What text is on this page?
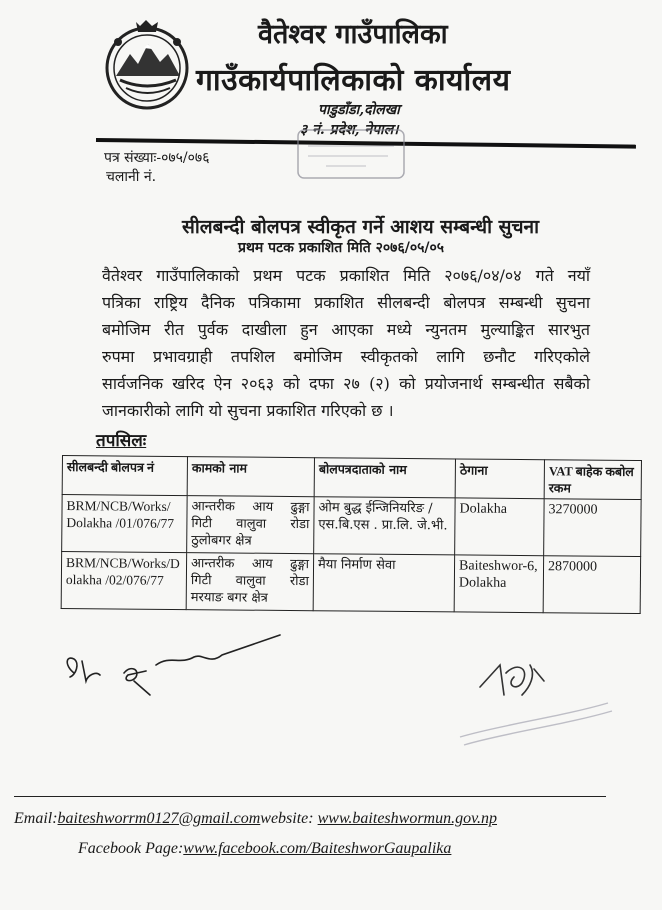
वैतेश्वर गाउँपालिका
गाउँकार्यपालिकाको कार्यालय
पाडुडाँडा,दोलखा
३ नं. प्रदेश, नेपाल।
पत्र संख्याः-०७५/०७६
चलानी नं.
सीलबन्दी बोलपत्र स्वीकृत गर्ने आशय सम्बन्धी सुचना
प्रथम पटक प्रकाशित मिति २०७६/०५/०५
वैतेश्वर गाउँपालिकाको प्रथम पटक प्रकाशित मिति २०७६/०४/०४ गते नयाँ
पत्रिका राष्ट्रिय दैनिक पत्रिकामा प्रकाशित सीलबन्दी बोलपत्र सम्बन्धी सुचना
बमोजिम रीत पुर्वक दाखीला हुन आएका मध्ये न्युनतम मुल्याङ्कित सारभुत
रुपमा प्रभावग्राही तपशिल बमोजिम स्वीकृतको लागि छनौट गरिएकोले
सार्वजनिक खरिद ऐन २०६३ को दफा २७ (२) को प्रयोजनार्थ सम्बन्धीत सबैको
जानकारीको लागि यो सुचना प्रकाशित गरिएको छ ।
तपसिलः
सीलबन्दी बोलपत्र नं	कामको नाम	बोलपत्रदाताको नाम	ठेगाना	VAT बाहेक कबोल रकम
BRM/NCB/Works/ Dolakha /01/076/77	आन्तरीक आय ढुङ्गा
गिटी वालुवा रोडा
ठुलोबगर क्षेत्र	ओम बुद्ध ईन्जिनियरिङ /एस.बि.एस . प्रा.लि. जे.भी.	Dolakha	3270000
BRM/NCB/Works/D olakha /02/076/77	आन्तरीक आय ढुङ्गा
गिटी वालुवा रोडा
मरयाङ बगर क्षेत्र	मैया निर्माण सेवा	Baiteshwor-6, Dolakha	2870000
Email:baiteshworrm0127@gmail.comwebsite: www.baiteshwormun.gov.np
Facebook Page:www.facebook.com/BaiteshworGaupalika
